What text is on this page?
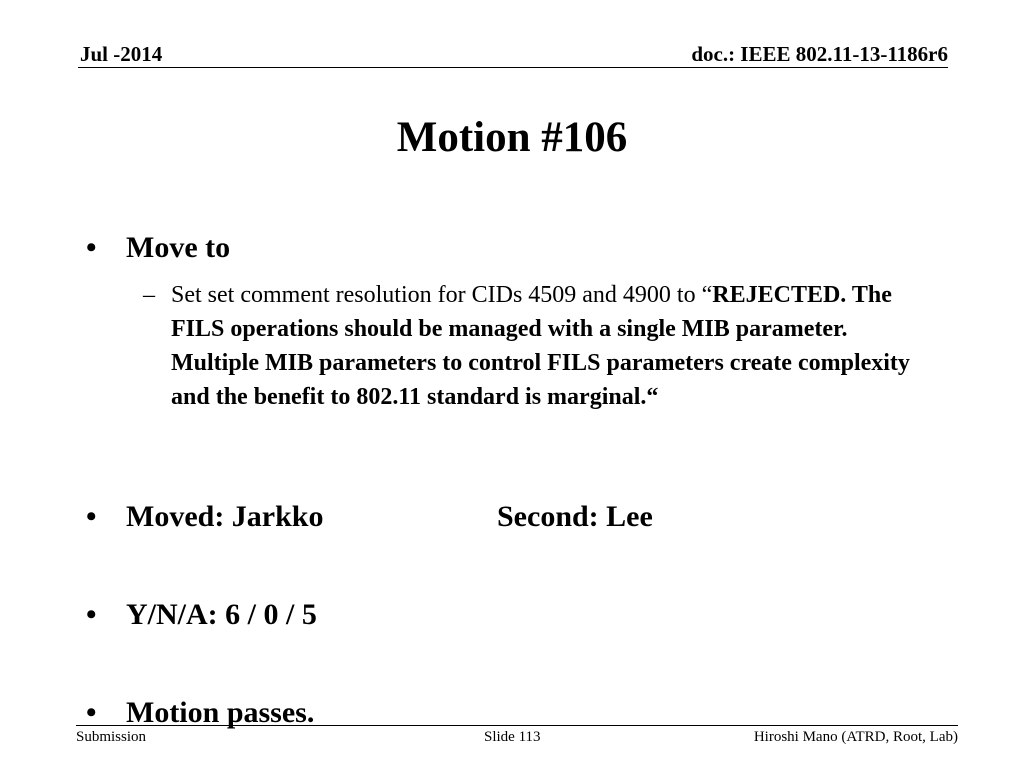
Jul -2014	doc.: IEEE 802.11-13-1186r6
Motion #106
• Move to
– Set set comment resolution for CIDs 4509 and 4900 to “REJECTED. The FILS operations should be managed with a single MIB parameter. Multiple MIB parameters to control FILS parameters create complexity and the benefit to 802.11 standard is marginal.“
• Moved: Jarkko	Second: Lee
• Y/N/A: 6 / 0 / 5
• Motion passes.
Submission	Slide 113	Hiroshi Mano (ATRD, Root, Lab)
